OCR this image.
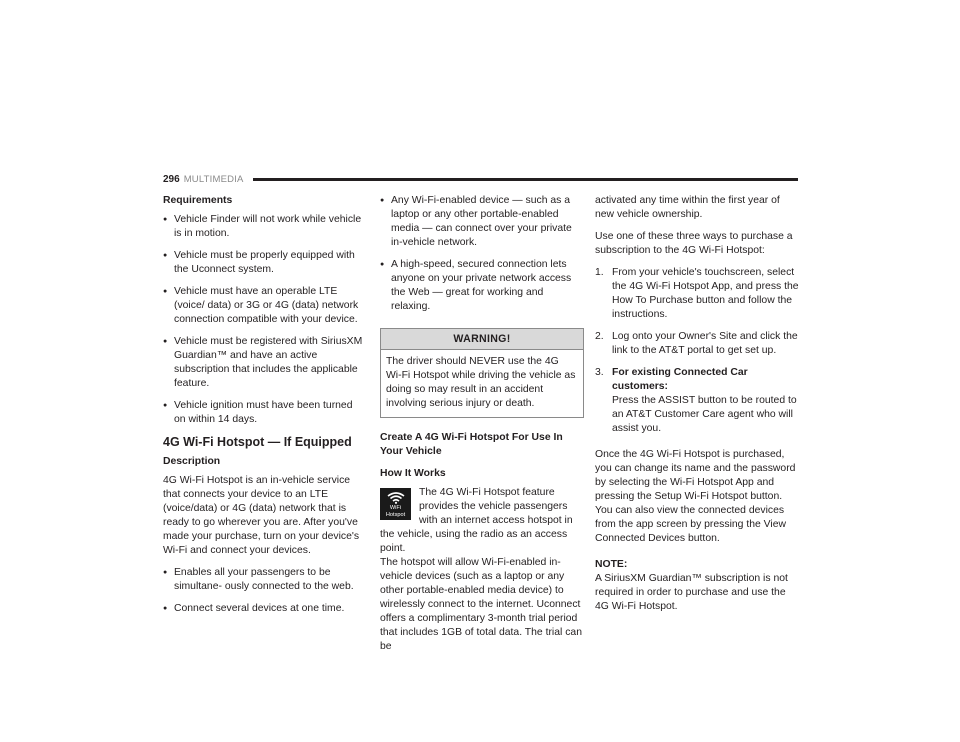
296 MULTIMEDIA
Requirements
● Vehicle Finder will not work while vehicle is in motion.
● Vehicle must be properly equipped with the Uconnect system.
● Vehicle must have an operable LTE (voice/ data) or 3G or 4G (data) network connection compatible with your device.
● Vehicle must be registered with SiriusXM Guardian™ and have an active subscription that includes the applicable feature.
● Vehicle ignition must have been turned on within 14 days.
4G Wi-Fi Hotspot — If Equipped
Description

4G Wi-Fi Hotspot is an in-vehicle service that connects your device to an LTE (voice/data) or 4G (data) network that is ready to go wherever you are. After you've made your purchase, turn on your device's Wi-Fi and connect your devices.

● Enables all your passengers to be simultane- ously connected to the web.
● Connect several devices at one time.
● Any Wi-Fi-enabled device — such as a laptop or any other portable-enabled media — can connect over your private in-vehicle network.
● A high-speed, secured connection lets anyone on your private network access the Web — great for working and relaxing.
WARNING!
The driver should NEVER use the 4G Wi-Fi Hotspot while driving the vehicle as doing so may result in an accident involving serious injury or death.
Create A 4G Wi-Fi Hotspot For Use In Your Vehicle
How It Works
WiFi
Hotspot

The 4G Wi-Fi Hotspot feature provides the vehicle passengers with an internet access hotspot in the vehicle, using the radio as an access point.

The hotspot will allow Wi-Fi-enabled in-vehicle devices (such as a laptop or any other portable-enabled media device) to wirelessly connect to the internet. Uconnect offers a complimentary 3-month trial period that includes 1GB of total data. The trial can be

activated any time within the first year of new vehicle ownership.

Use one of these three ways to purchase a subscription to the 4G Wi-Fi Hotspot:

1. From your vehicle's touchscreen, select the 4G Wi-Fi Hotspot App, and press the How To Purchase button and follow the instructions.
2. Log onto your Owner's Site and click the link to the AT&T portal to get set up.
3. For existing Connected Car customers:
Press the ASSIST button to be routed to an AT&T Customer Care agent who will assist you.

Once the 4G Wi-Fi Hotspot is purchased, you can change its name and the password by selecting the Wi-Fi Hotspot App and pressing the Setup Wi-Fi Hotspot button. You can also view the connected devices from the app screen by pressing the View Connected Devices button.

NOTE:

A SiriusXM Guardian™ subscription is not required in order to purchase and use the 4G Wi-Fi Hotspot.
